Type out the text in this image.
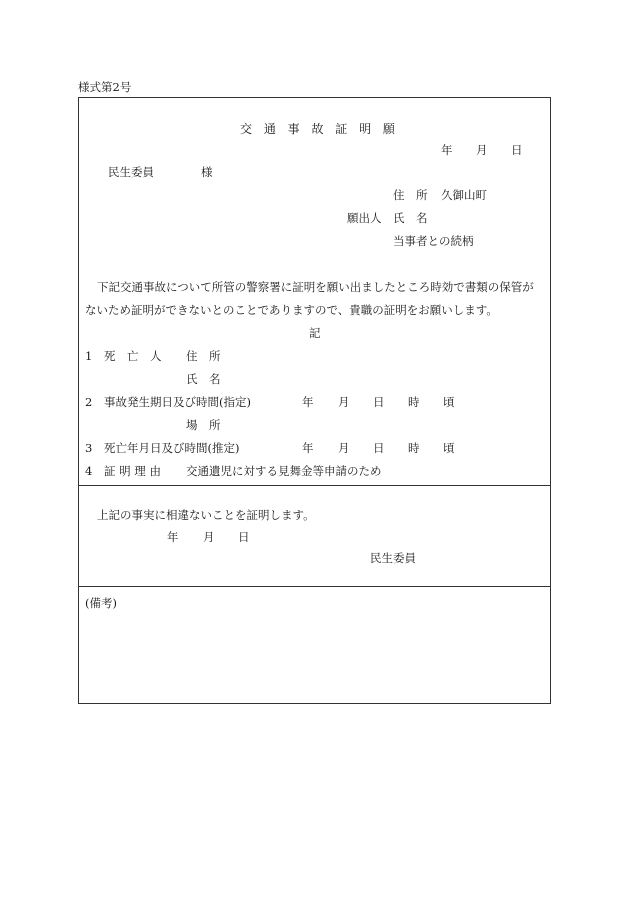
様式第2号
交 通 事 故 証 明 願
年 月 日
民生委員	様
住　所 久御山町
願出人 氏　名
当事者との続柄
下記交通事故について所管の警察署に証明を願い出ましたところ時効で書類の保管が
ないため証明ができないとのことでありますので、貴職の証明をお願いします。
記
1 死　亡　人 住　所
氏　名
2 事故発生期日及び時間(指定)	年 月 日 時 頃
場　所
3 死亡年月日及び時間(推定)	年 月 日 時 頃
4 証 明 理 由 交通遺児に対する見舞金等申請のため
上記の事実に相違ないことを証明します。
年 月 日
民生委員
(備考)
